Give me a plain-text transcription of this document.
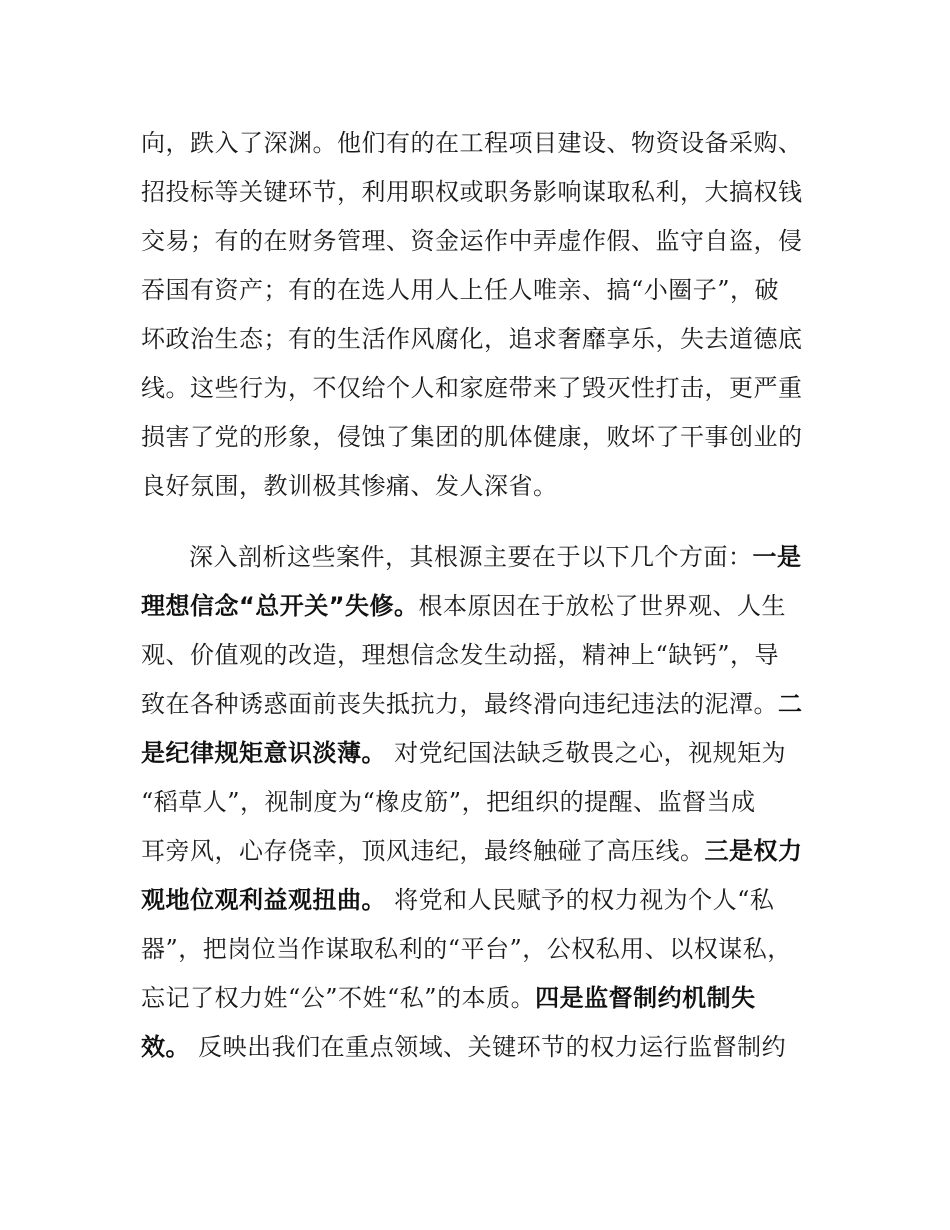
向，跌入了深渊。他们有的在工程项目建设、物资设备采购、
招投标等关键环节，利用职权或职务影响谋取私利，大搞权钱
交易；有的在财务管理、资金运作中弄虚作假、监守自盗，侵
吞国有资产；有的在选人用人上任人唯亲、搞“小圈子”，破
坏政治生态；有的生活作风腐化，追求奢靡享乐，失去道德底
线。这些行为，不仅给个人和家庭带来了毁灭性打击，更严重
损害了党的形象，侵蚀了集团的肌体健康，败坏了干事创业的
良好氛围，教训极其惨痛、发人深省。
深入剖析这些案件，其根源主要在于以下几个方面：一是
理想信念“总开关”失修。根本原因在于放松了世界观、人生
观、价值观的改造，理想信念发生动摇，精神上“缺钙”，导
致在各种诱惑面前丧失抵抗力，最终滑向违纪违法的泥潭。二
是纪律规矩意识淡薄。 对党纪国法缺乏敬畏之心，视规矩为
“稻草人”，视制度为“橡皮筋”，把组织的提醒、监督当成
耳旁风，心存侥幸，顶风违纪，最终触碰了高压线。三是权力
观地位观利益观扭曲。 将党和人民赋予的权力视为个人“私
器”，把岗位当作谋取私利的“平台”，公权私用、以权谋私，
忘记了权力姓“公”不姓“私”的本质。四是监督制约机制失
效。 反映出我们在重点领域、关键环节的权力运行监督制约
